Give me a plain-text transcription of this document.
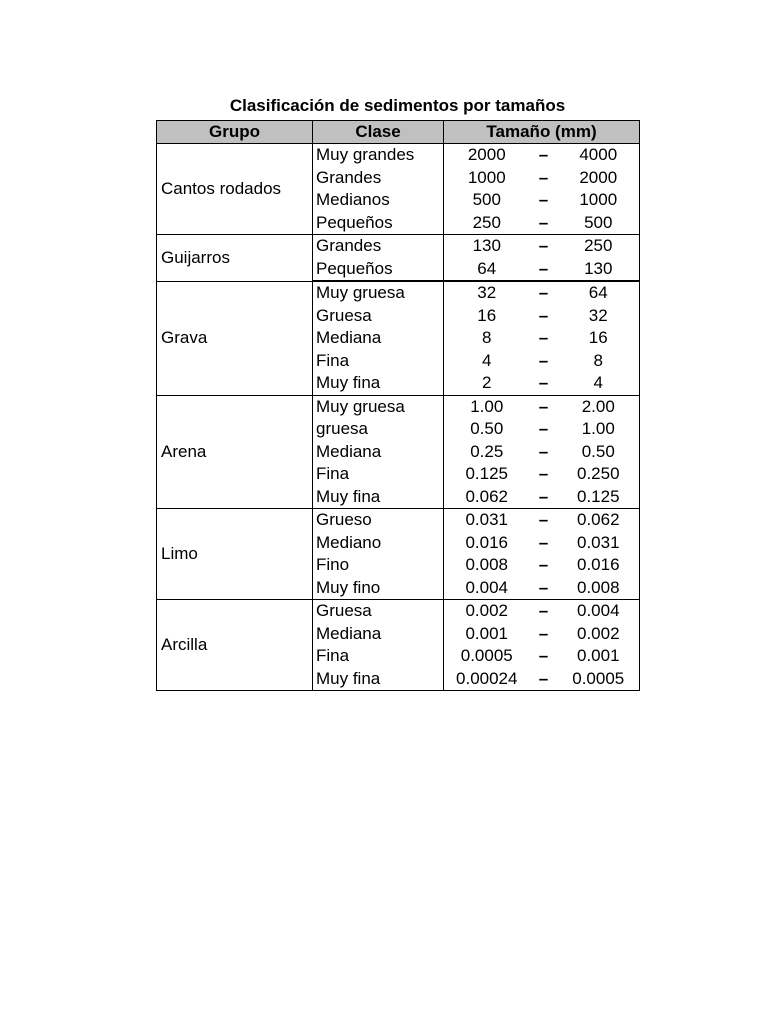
Clasificación de sedimentos por tamaños
Grupo	Clase	Tamaño (mm)		
Cantos rodados	Muy grandes	2000	–	4000
	Grandes	1000	–	2000
	Medianos	500	–	1000
	Pequeños	250	–	500
Guijarros	Grandes	130	–	250
	Pequeños	64	–	130
Grava	Muy gruesa	32	–	64
	Gruesa	16	–	32
	Mediana	8	–	16
	Fina	4	–	8
	Muy fina	2	–	4
Arena	Muy gruesa	1.00	–	2.00
	gruesa	0.50	–	1.00
	Mediana	0.25	–	0.50
	Fina	0.125	–	0.250
	Muy fina	0.062	–	0.125
Limo	Grueso	0.031	–	0.062
	Mediano	0.016	–	0.031
	Fino	0.008	–	0.016
	Muy fino	0.004	–	0.008
Arcilla	Gruesa	0.002	–	0.004
	Mediana	0.001	–	0.002
	Fina	0.0005	–	0.001
	Muy fina	0.00024	–	0.0005
